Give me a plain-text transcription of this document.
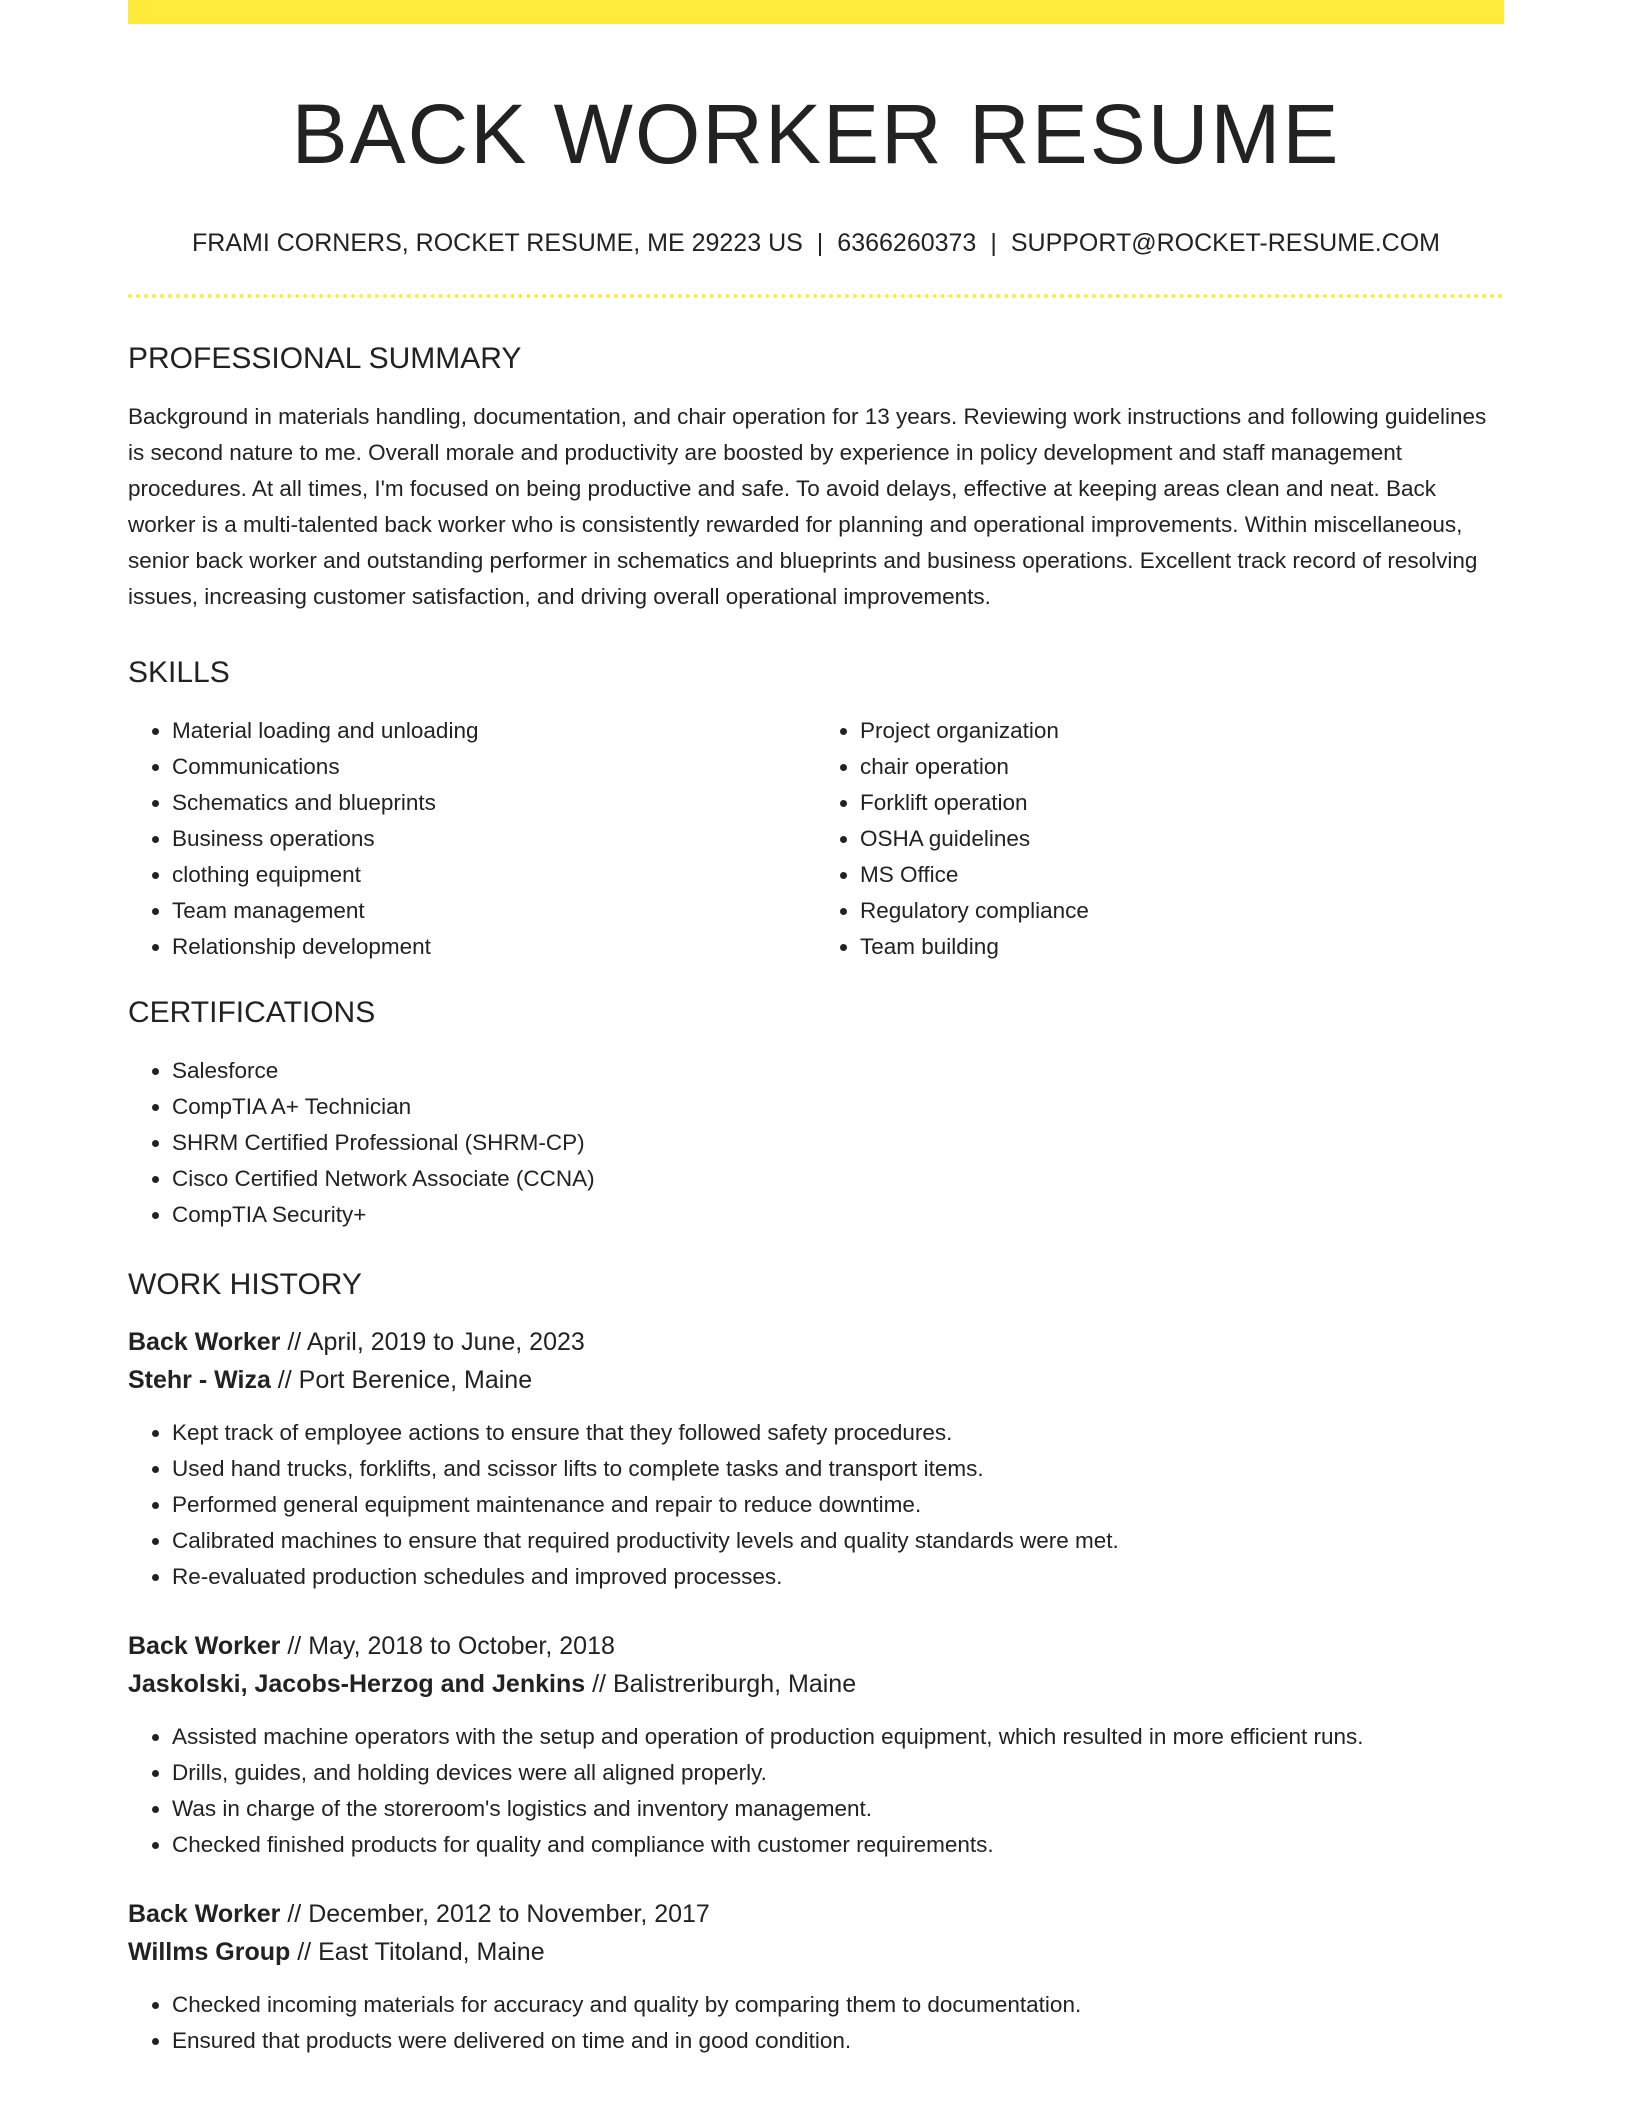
BACK WORKER RESUME
FRAMI CORNERS, ROCKET RESUME, ME 29223 US | 6366260373 | SUPPORT@ROCKET-RESUME.COM
PROFESSIONAL SUMMARY

Background in materials handling, documentation, and chair operation for 13 years. Reviewing work instructions and following guidelines is second nature to me. Overall morale and productivity are boosted by experience in policy development and staff management procedures. At all times, I'm focused on being productive and safe. To avoid delays, effective at keeping areas clean and neat. Back worker is a multi-talented back worker who is consistently rewarded for planning and operational improvements. Within miscellaneous, senior back worker and outstanding performer in schematics and blueprints and business operations. Excellent track record of resolving issues, increasing customer satisfaction, and driving overall operational improvements.

SKILLS
• Material loading and unloading
• Communications
• Schematics and blueprints
• Business operations
• clothing equipment
• Team management
• Relationship development
• Project organization
• chair operation
• Forklift operation
• OSHA guidelines
• MS Office
• Regulatory compliance
• Team building
CERTIFICATIONS
• Salesforce
• CompTIA A+ Technician
• SHRM Certified Professional (SHRM-CP)
• Cisco Certified Network Associate (CCNA)
• CompTIA Security+
WORK HISTORY
Back Worker // April, 2019 to June, 2023
Stehr - Wiza // Port Berenice, Maine
• Kept track of employee actions to ensure that they followed safety procedures.
• Used hand trucks, forklifts, and scissor lifts to complete tasks and transport items.
• Performed general equipment maintenance and repair to reduce downtime.
• Calibrated machines to ensure that required productivity levels and quality standards were met.
• Re-evaluated production schedules and improved processes.
Back Worker // May, 2018 to October, 2018
Jaskolski, Jacobs-Herzog and Jenkins // Balistreriburgh, Maine
• Assisted machine operators with the setup and operation of production equipment, which resulted in more efficient runs.
• Drills, guides, and holding devices were all aligned properly.
• Was in charge of the storeroom's logistics and inventory management.
• Checked finished products for quality and compliance with customer requirements.
Back Worker // December, 2012 to November, 2017
Willms Group // East Titoland, Maine
• Checked incoming materials for accuracy and quality by comparing them to documentation.
• Ensured that products were delivered on time and in good condition.
